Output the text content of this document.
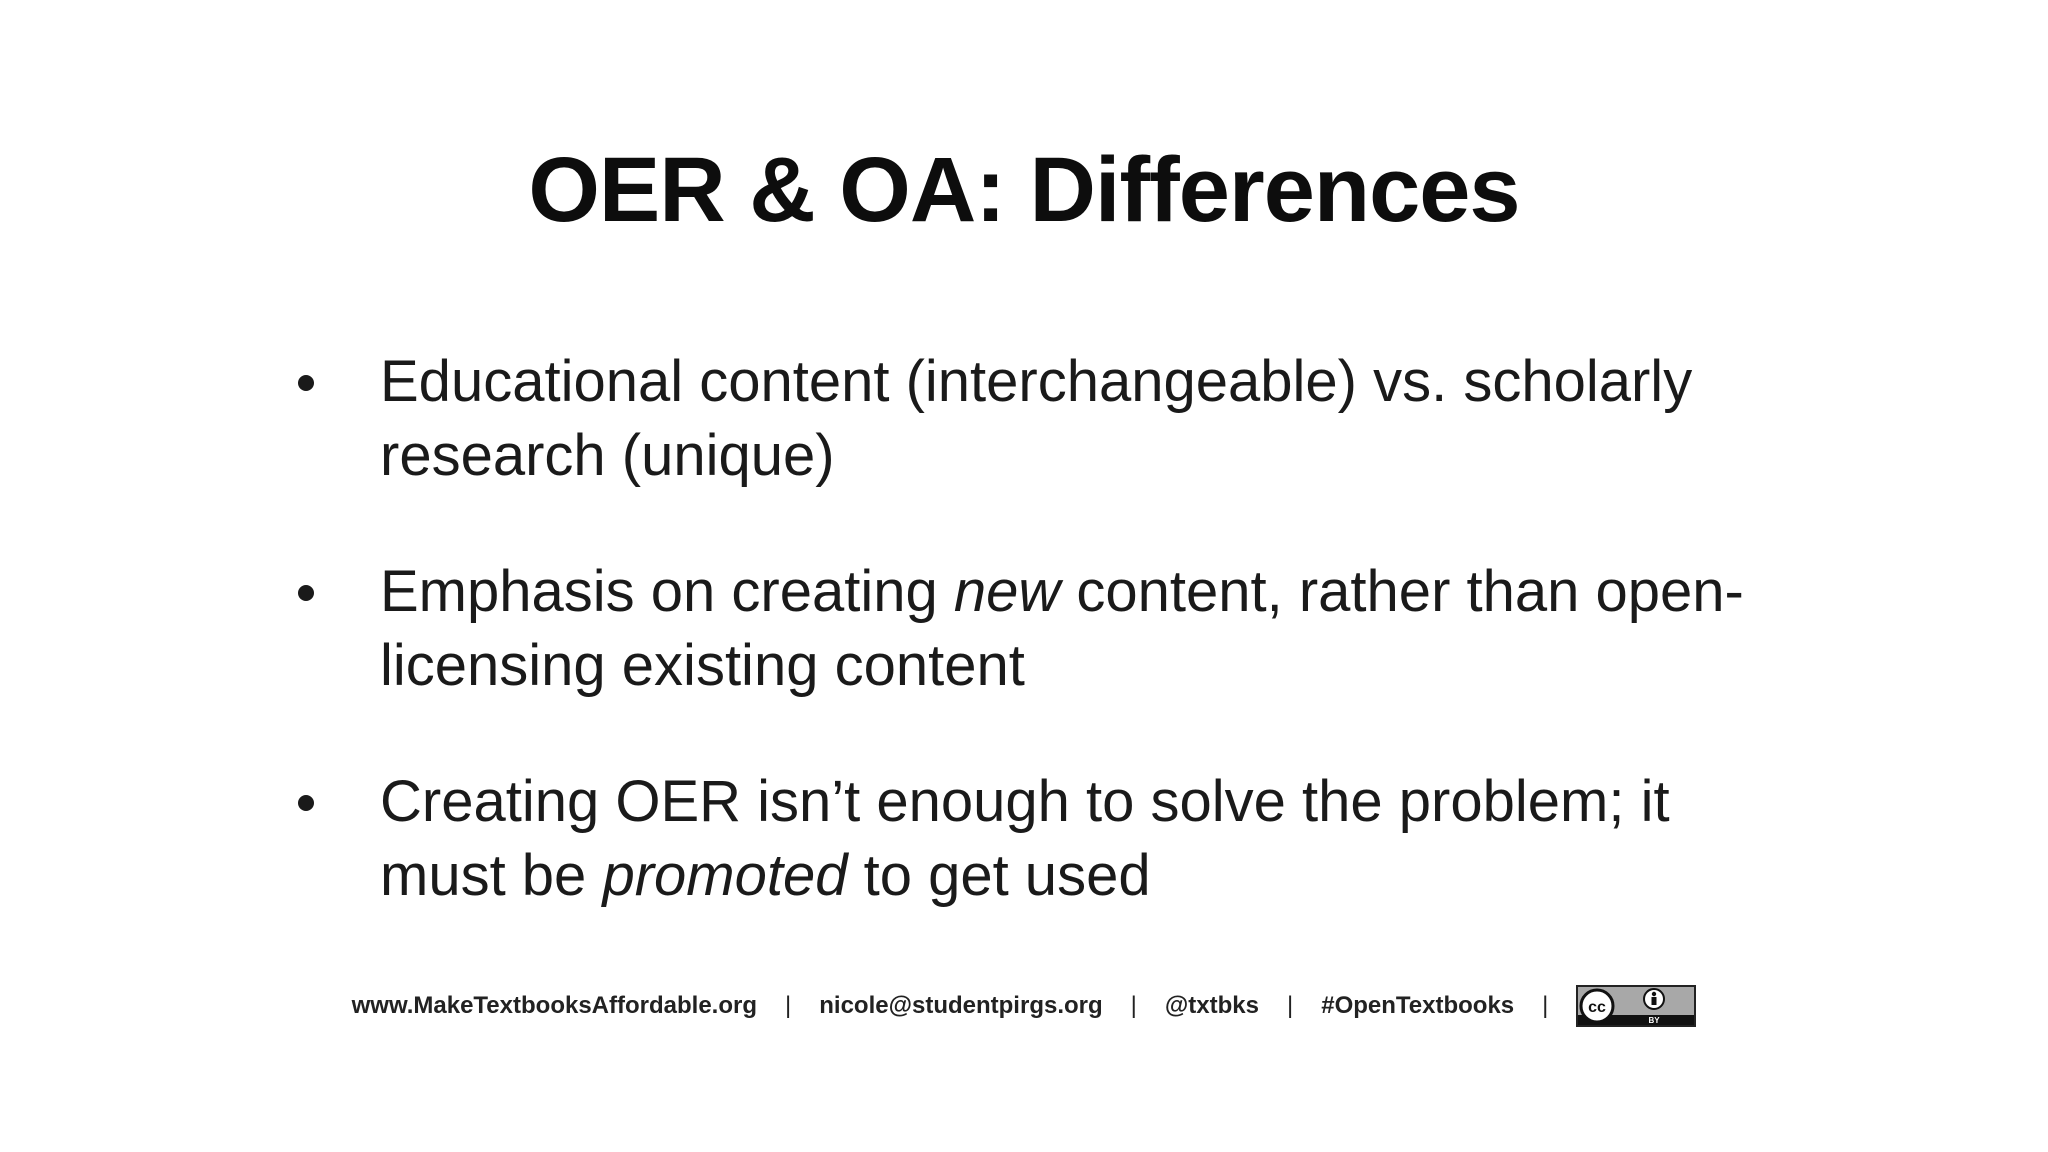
OER & OA: Differences
Educational content (interchangeable) vs. scholarly research (unique)
Emphasis on creating new content, rather than open-licensing existing content
Creating OER isn’t enough to solve the problem; it must be promoted to get used
www.MakeTextbooksAffordable.org | nicole@studentpirgs.org | @txtbks | #OpenTextbooks |	cc
BY
